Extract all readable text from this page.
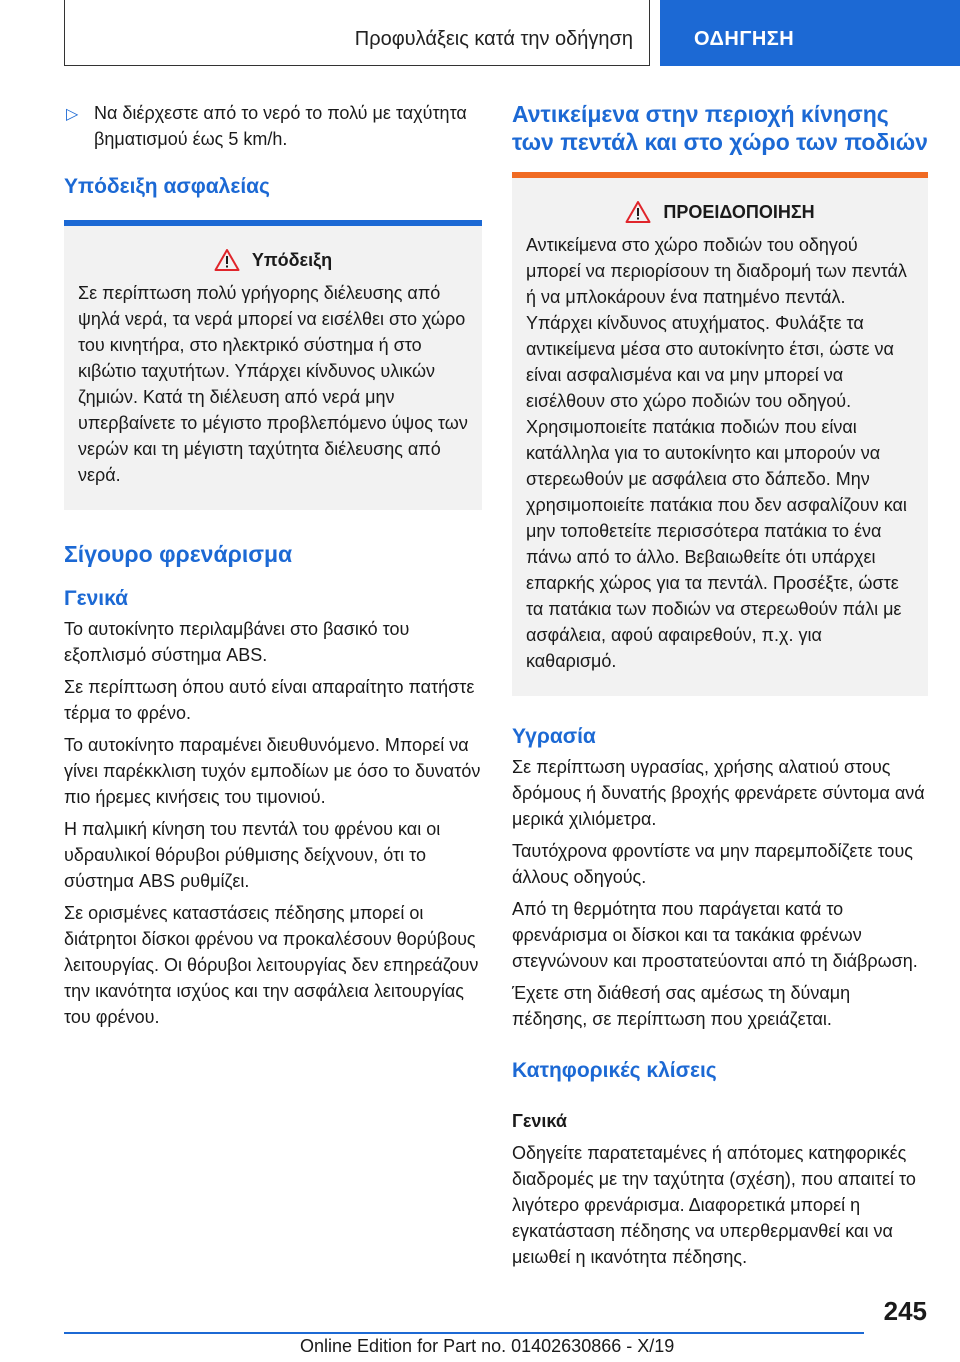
Προφυλάξεις κατά την οδήγηση	ΟΔΗΓΗΣΗ

▷ Να διέρχεστε από το νερό το πολύ με ταχύτητα βηματισμού έως 5 km/h.

Υπόδειξη ασφαλείας
Υπόδειξη

Σε περίπτωση πολύ γρήγορης διέλευσης από ψηλά νερά, τα νερά μπορεί να εισέλθει στο χώρο του κινητήρα, στο ηλεκτρικό σύστημα ή στο κιβώτιο ταχυτήτων. Υπάρχει κίνδυνος υλικών ζημιών. Κατά τη διέλευση από νερά μην υπερβαίνετε το μέγιστο προβλεπόμενο ύψος των νερών και τη μέγιστη ταχύτητα διέλευσης από νερά.

Σίγουρο φρενάρισμα
Γενικά

Το αυτοκίνητο περιλαμβάνει στο βασικό του εξοπλισμό σύστημα ABS.

Σε περίπτωση όπου αυτό είναι απαραίτητο πατήστε τέρμα το φρένο.

Το αυτοκίνητο παραμένει διευθυνόμενο. Μπορεί να γίνει παρέκκλιση τυχόν εμποδίων με όσο το δυνατόν πιο ήρεμες κινήσεις του τιμονιού.

Η παλμική κίνηση του πεντάλ του φρένου και οι υδραυλικοί θόρυβοι ρύθμισης δείχνουν, ότι το σύστημα ABS ρυθμίζει.

Σε ορισμένες καταστάσεις πέδησης μπορεί οι διάτρητοι δίσκοι φρένου να προκαλέσουν θορύβους λειτουργίας. Οι θόρυβοι λειτουργίας δεν επηρεάζουν την ικανότητα ισχύος και την ασφάλεια λειτουργίας του φρένου.

Αντικείμενα στην περιοχή κίνησης των πεντάλ και στο χώρο των ποδιών
ΠΡΟΕΙΔΟΠΟΙΗΣΗ

Αντικείμενα στο χώρο ποδιών του οδηγού μπορεί να περιορίσουν τη διαδρομή των πεντάλ ή να μπλοκάρουν ένα πατημένο πεντάλ. Υπάρχει κίνδυνος ατυχήματος. Φυλάξτε τα αντικείμενα μέσα στο αυτοκίνητο έτσι, ώστε να είναι ασφαλισμένα και να μην μπορεί να εισέλθουν στο χώρο ποδιών του οδηγού. Χρησιμοποιείτε πατάκια ποδιών που είναι κατάλληλα για το αυτοκίνητο και μπορούν να στερεωθούν με ασφάλεια στο δάπεδο. Μην χρησιμοποιείτε πατάκια που δεν ασφαλίζουν και μην τοποθετείτε περισσότερα πατάκια το ένα πάνω από το άλλο. Βεβαιωθείτε ότι υπάρχει επαρκής χώρος για τα πεντάλ. Προσέξτε, ώστε τα πατάκια των ποδιών να στερεωθούν πάλι με ασφάλεια, αφού αφαιρεθούν, π.χ. για καθαρισμό.

Υγρασία

Σε περίπτωση υγρασίας, χρήσης αλατιού στους δρόμους ή δυνατής βροχής φρενάρετε σύντομα ανά μερικά χιλιόμετρα.

Ταυτόχρονα φροντίστε να μην παρεμποδίζετε τους άλλους οδηγούς.

Από τη θερμότητα που παράγεται κατά το φρενάρισμα οι δίσκοι και τα τακάκια φρένων στεγνώνουν και προστατεύονται από τη διάβρωση.

Έχετε στη διάθεσή σας αμέσως τη δύναμη πέδησης, σε περίπτωση που χρειάζεται.

Κατηφορικές κλίσεις
Γενικά

Οδηγείτε παρατεταμένες ή απότομες κατηφορικές διαδρομές με την ταχύτητα (σχέση), που απαιτεί το λιγότερο φρενάρισμα. Διαφορετικά μπορεί η εγκατάσταση πέδησης να υπερθερμανθεί και να μειωθεί η ικανότητα πέδησης.

245
Online Edition for Part no. 01402630866 - X/19
